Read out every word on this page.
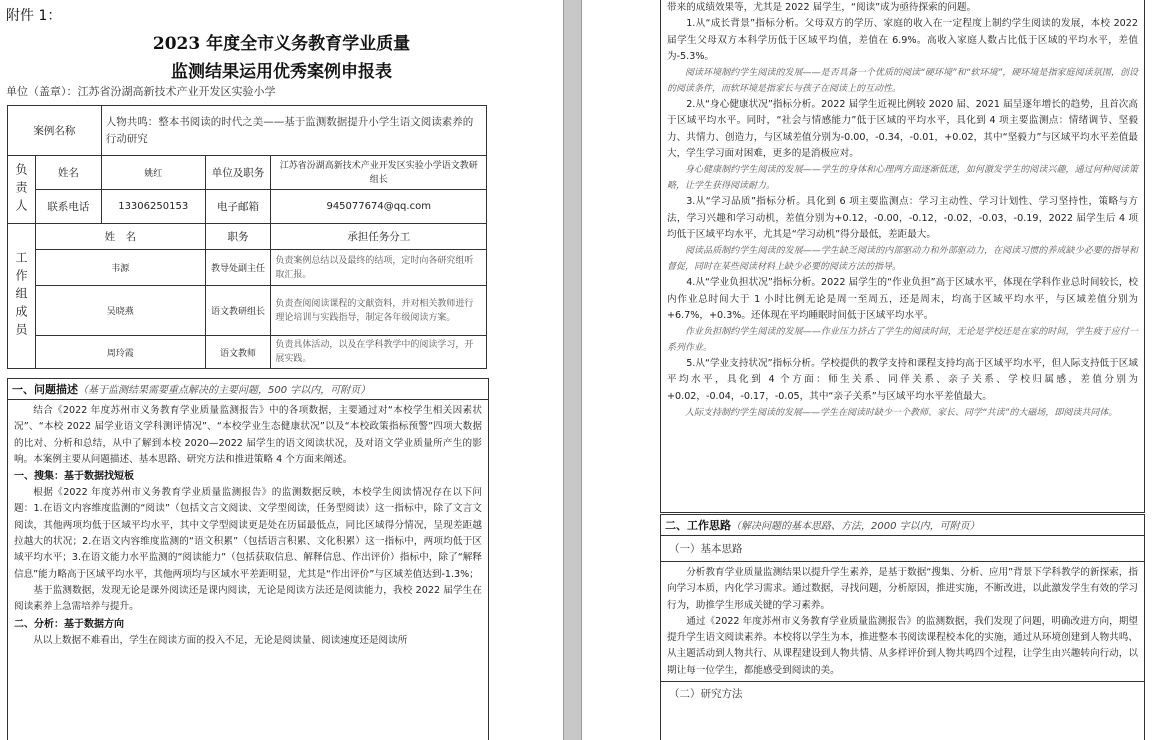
附件 1：
2023 年度全市义务教育学业质量
监测结果运用优秀案例申报表
单位（盖章）：江苏省汾湖高新技术产业开发区实验小学
案例名称		人物共鸣：整本书阅读的时代之美——基于监测数据提升小学生语文阅读素养的行动研究		
负责人	姓名	姚红	单位及职务	江苏省汾湖高新技术产业开发区实验小学语文教研组长
	联系电话	13306250153	电子邮箱	945077674@qq.com
工作组成员	姓　名		职务	承担任务分工
	韦源		教导处副主任	负责案例总结以及最终的结项，定时向各研究组听取汇报。
	吴晓燕		语文教研组长	负责查阅阅读课程的文献资料，并对相关教师进行理论培训与实践指导，制定各年级阅读方案。
	周玲霞		语文教师	负责具体活动，以及在学科教学中的阅读学习，开展实践。
一、问题描述（基于监测结果需要重点解决的主要问题，500 字以内，可附页）

结合《2022 年度苏州市义务教育学业质量监测报告》中的各项数据，主要通过对“本校学生相关因素状况”、“本校 2022 届学业语文学科测评情况”、“本校学业生态健康状况”以及“本校政策指标预警”四项大数据的比对、分析和总结，从中了解到本校 2020—2022 届学生的语文阅读状况，及对语文学业质量所产生的影响。本案例主要从问题描述、基本思路、研究方法和推进策略 4 个方面来阐述。

一、搜集：基于数据找短板

根据《2022 年度苏州市义务教育学业质量监测报告》的监测数据反映，本校学生阅读情况存在以下问题：1.在语文内容维度监测的“阅读”（包括文言文阅读、文学型阅读，任务型阅读）这一指标中，除了文言文阅读，其他两项均低于区域平均水平，其中文学型阅读更是处在历届最低点，同比区域得分情况，呈现差距越拉越大的状况；2.在语文内容维度监测的“语文积累”（包括语言积累、文化积累）这一指标中，两项均低于区域平均水平；3.在语文能力水平监测的“阅读能力”（包括获取信息、解释信息、作出评价）指标中，除了“解释信息”能力略高于区域平均水平，其他两项均与区域水平差距明显，尤其是“作出评价”与区域差值达到-1.3%；

基于监测数据，发现无论是课外阅读还是课内阅读，无论是阅读方法还是阅读能力，我校 2022 届学生在阅读素养上急需培养与提升。

二、分析：基于数据方向

从以上数据不难看出，学生在阅读方面的投入不足，无论是阅读量、阅读速度还是阅读所

带来的成绩效果等，尤其是 2022 届学生，“阅读”成为亟待探索的问题。

1.从“成长背景”指标分析。父母双方的学历、家庭的收入在一定程度上制约学生阅读的发展，本校 2022 届学生父母双方本科学历低于区域平均值，差值在 6.9%。高收入家庭人数占比低于区域的平均水平，差值为-5.3%。

阅读环境制约学生阅读的发展——是否具备一个优质的阅读“硬环境”和“软环境”，硬环境是指家庭阅读氛围，创设的阅读条件，而软环境是指家长与孩子在阅读上的互动性。

2.从“身心健康状况”指标分析。2022 届学生近视比例较 2020 届、2021 届呈逐年增长的趋势，且首次高于区域平均水平。同时，“社会与情感能力”低于区域的平均水平，具化到 4 项主要监测点：情绪调节、坚毅力、共情力、创造力，与区域差值分别为-0.00，-0.34，-0.01，+0.02，其中“坚毅力”与区域平均水平差值最大，学生学习面对困难，更多的是消极应对。

身心健康制约学生阅读的发展——学生的身体和心理两方面逐渐低迷，如何激发学生的阅读兴趣，通过何种阅读策略，让学生获得阅读耐力。

3.从“学习品质”指标分析。具化到 6 项主要监测点：学习主动性、学习计划性、学习坚持性，策略与方法，学习兴趣和学习动机，差值分别为+0.12，-0.00，-0.12，-0.02，-0.03，-0.19，2022 届学生后 4 项均低于区域平均水平，尤其是“学习动机”得分最低，差距最大。

阅读品质制约学生阅读的发展——学生缺乏阅读的内部驱动力和外部驱动力，在阅读习惯的养成缺少必要的指导和督促，同时在某些阅读材料上缺少必要的阅读方法的指导。

4.从“学业负担状况”指标分析。2022 届学生的“作业负担”高于区域水平，体现在学科作业总时间较长，校内作业总时间大于 1 小时比例无论是周一至周五，还是周末，均高于区域平均水平，与区域差值分别为+6.7%，+0.3%。还体现在平均睡眠时间低于区域平均水平。

作业负担制约学生阅读的发展——作业压力挤占了学生的阅读时间，无论是学校还是在家的时间，学生疲于应付一系列作业。

5.从“学业支持状况”指标分析。学校提供的教学支持和课程支持均高于区域平均水平，但人际支持低于区域平均水平，具化到 4 个方面：师生关系、同伴关系、亲子关系、学校归属感，差值分别为+0.02，-0.04，-0.17，-0.05，其中“亲子关系”与区域平均水平差值最大。

人际支持制约学生阅读的发展——学生在阅读时缺少一个教师、家长、同学“共读”的大磁场，即阅读共同体。

二、工作思路（解决问题的基本思路、方法，2000 字以内，可附页）
（一）基本思路

分析教育学业质量监测结果以提升学生素养，是基于数据“搜集、分析、应用”背景下学科教学的新探索，指向学习本质，内化学习需求。通过数据，寻找问题，分析原因，推进实施，不断改进，以此激发学生有效的学习行为，助推学生形成关键的学习素养。

通过《2022 年度苏州市义务教育学业质量监测报告》的监测数据，我们发现了问题，明确改进方向，期望提升学生语文阅读素养。本校将以学生为本，推进整本书阅读课程校本化的实施，通过从环境创建到人物共鸣、从主题活动到人物共行、从课程建设到人物共情、从多样评价到人物共鸣四个过程，让学生由兴趣转向行动，以期让每一位学生，都能感受到阅读的美。

（二）研究方法
